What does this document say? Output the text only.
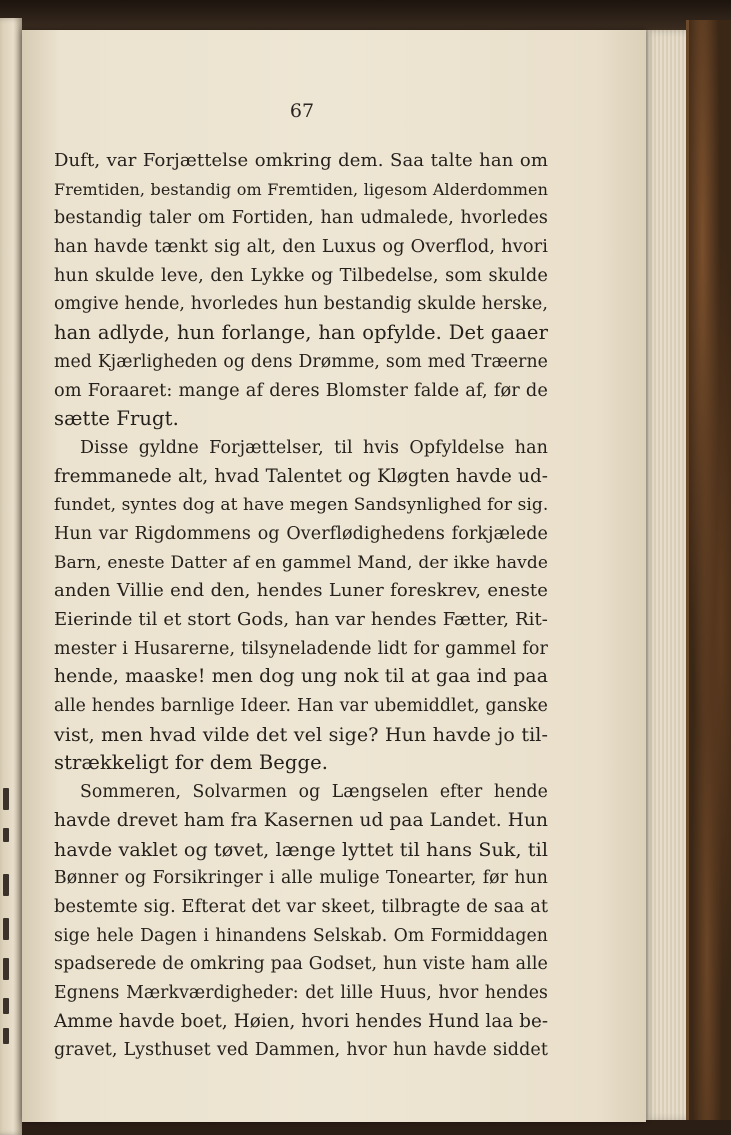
67
Duft, var Forjættelse omkring dem. Saa talte han om
Fremtiden, bestandig om Fremtiden, ligesom Alderdommen
bestandig taler om Fortiden, han udmalede, hvorledes
han havde tænkt sig alt, den Luxus og Overflod, hvori
hun skulde leve, den Lykke og Tilbedelse, som skulde
omgive hende, hvorledes hun bestandig skulde herske,
han adlyde, hun forlange, han opfylde. Det gaaer
med Kjærligheden og dens Drømme, som med Træerne
om Foraaret: mange af deres Blomster falde af, før de
sætte Frugt.
Disse gyldne Forjættelser, til hvis Opfyldelse han
fremmanede alt, hvad Talentet og Kløgten havde ud-
fundet, syntes dog at have megen Sandsynlighed for sig.
Hun var Rigdommens og Overflødighedens forkjælede
Barn, eneste Datter af en gammel Mand, der ikke havde
anden Villie end den, hendes Luner foreskrev, eneste
Eierinde til et stort Gods, han var hendes Fætter, Rit-
mester i Husarerne, tilsyneladende lidt for gammel for
hende, maaske! men dog ung nok til at gaa ind paa
alle hendes barnlige Ideer. Han var ubemiddlet, ganske
vist, men hvad vilde det vel sige? Hun havde jo til-
strækkeligt for dem Begge.
Sommeren, Solvarmen og Længselen efter hende
havde drevet ham fra Kasernen ud paa Landet. Hun
havde vaklet og tøvet, længe lyttet til hans Suk, til
Bønner og Forsikringer i alle mulige Tonearter, før hun
bestemte sig. Efterat det var skeet, tilbragte de saa at
sige hele Dagen i hinandens Selskab. Om Formiddagen
spadserede de omkring paa Godset, hun viste ham alle
Egnens Mærkværdigheder: det lille Huus, hvor hendes
Amme havde boet, Høien, hvori hendes Hund laa be-
gravet, Lysthuset ved Dammen, hvor hun havde siddet
